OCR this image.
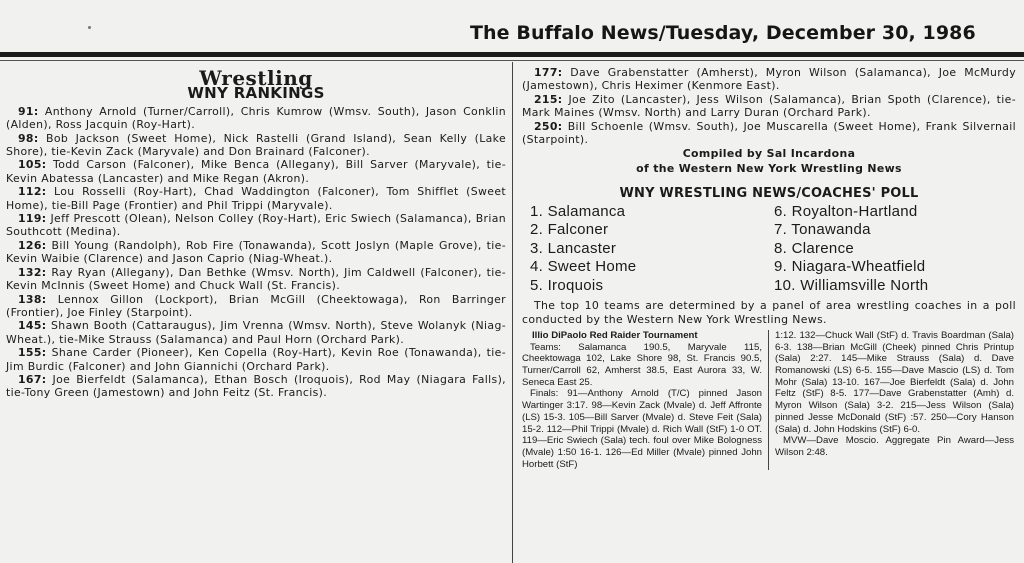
The Buffalo News/Tuesday, December 30, 1986
Wrestling
WNY RANKINGS

91: Anthony Arnold (Turner/Carroll), Chris Kumrow (Wmsv. South), Jason Conklin (Alden), Ross Jacquin (Roy-Hart).

98: Bob Jackson (Sweet Home), Nick Rastelli (Grand Island), Sean Kelly (Lake Shore), tie-Kevin Zack (Maryvale) and Don Brainard (Falconer).

105: Todd Carson (Falconer), Mike Benca (Allegany), Bill Sarver (Maryvale), tie-Kevin Abatessa (Lancaster) and Mike Regan (Akron).

112: Lou Rosselli (Roy-Hart), Chad Waddington (Falconer), Tom Shifflet (Sweet Home), tie-Bill Page (Frontier) and Phil Trippi (Maryvale).

119: Jeff Prescott (Olean), Nelson Colley (Roy-Hart), Eric Swiech (Salamanca), Brian Southcott (Medina).

126: Bill Young (Randolph), Rob Fire (Tonawanda), Scott Joslyn (Maple Grove), tie-Kevin Waibie (Clarence) and Jason Caprio (Niag-Wheat.).

132: Ray Ryan (Allegany), Dan Bethke (Wmsv. North), Jim Caldwell (Falconer), tie-Kevin McInnis (Sweet Home) and Chuck Wall (St. Francis).

138: Lennox Gillon (Lockport), Brian McGill (Cheektowaga), Ron Barringer (Frontier), Joe Finley (Starpoint).

145: Shawn Booth (Cattaraugus), Jim Vrenna (Wmsv. North), Steve Wolanyk (Niag-Wheat.), tie-Mike Strauss (Salamanca) and Paul Horn (Orchard Park).

155: Shane Carder (Pioneer), Ken Copella (Roy-Hart), Kevin Roe (Tonawanda), tie-Jim Burdic (Falconer) and John Giannichi (Orchard Park).

167: Joe Bierfeldt (Salamanca), Ethan Bosch (Iroquois), Rod May (Niagara Falls), tie-Tony Green (Jamestown) and John Feitz (St. Francis).

177: Dave Grabenstatter (Amherst), Myron Wilson (Salamanca), Joe McMurdy (Jamestown), Chris Heximer (Kenmore East).

215: Joe Zito (Lancaster), Jess Wilson (Salamanca), Brian Spoth (Clarence), tie-Mark Maines (Wmsv. North) and Larry Duran (Orchard Park).

250: Bill Schoenle (Wmsv. South), Joe Muscarella (Sweet Home), Frank Silvernail (Starpoint).

Compiled by Sal Incardona
of the Western New York Wrestling News
WNY WRESTLING NEWS/COACHES' POLL
1. Salamanca	6. Royalton-Hartland
2. Falconer	7. Tonawanda
3. Lancaster	8. Clarence
4. Sweet Home	9. Niagara-Wheatfield
5. Iroquois	10. Williamsville North
The top 10 teams are determined by a panel of area wrestling coaches in a poll conducted by the Western New York Wrestling News.
Illio DiPaolo Red Raider Tournament

Teams: Salamanca 190.5, Maryvale 115, Cheektowaga 102, Lake Shore 98, St. Francis 90.5, Turner/Carroll 62, Amherst 38.5, East Aurora 33, W. Seneca East 25.

Finals: 91—Anthony Arnold (T/C) pinned Jason Wartinger 3:17. 98—Kevin Zack (Mvale) d. Jeff Affronte (LS) 15-3. 105—Bill Sarver (Mvale) d. Steve Feit (Sala) 15-2. 112—Phil Trippi (Mvale) d. Rich Wall (StF) 1-0 OT. 119—Eric Swiech (Sala) tech. foul over Mike Bologness (Mvale) 1:50 16-1. 126—Ed Miller (Mvale) pinned John Horbett (StF)

1:12. 132—Chuck Wall (StF) d. Travis Boardman (Sala) 6-3. 138—Brian McGill (Cheek) pinned Chris Printup (Sala) 2:27. 145—Mike Strauss (Sala) d. Dave Romanowski (LS) 6-5. 155—Dave Mascio (LS) d. Tom Mohr (Sala) 13-10. 167—Joe Bierfeldt (Sala) d. John Feltz (StF) 8-5. 177—Dave Grabenstatter (Amh) d. Myron Wilson (Sala) 3-2. 215—Jess Wilson (Sala) pinned Jesse McDonald (StF) :57. 250—Cory Hanson (Sala) d. John Hodskins (StF) 6-0.

MVW—Dave Moscio. Aggregate Pin Award—Jess Wilson 2:48.
